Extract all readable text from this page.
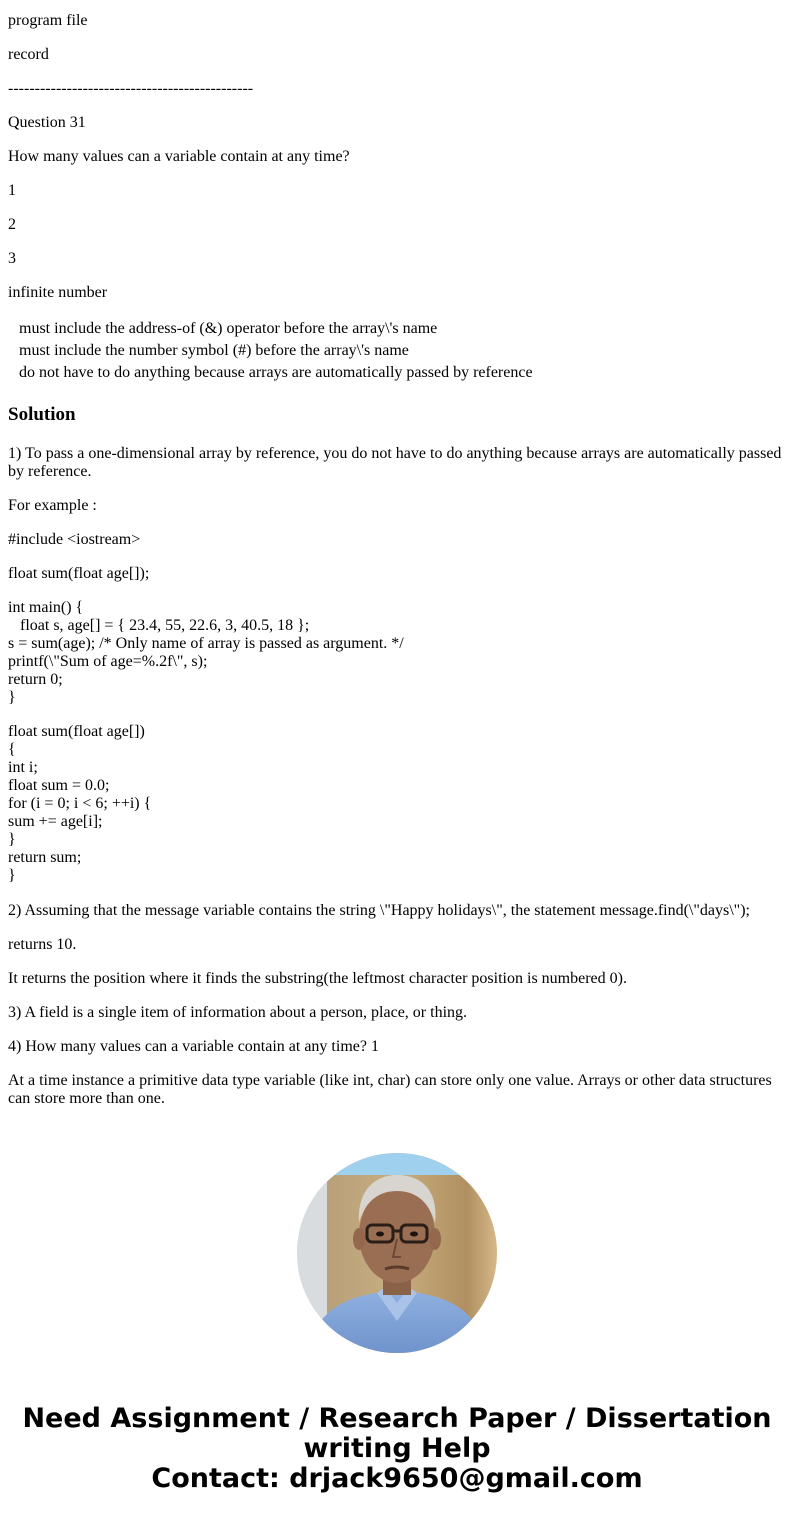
program file

record

----------------------------------------------

Question 31

How many values can a variable contain at any time?

1

2

3

infinite number

must include the address-of (&) operator before the array\'s name
must include the number symbol (#) before the array\'s name
do not have to do anything because arrays are automatically passed by reference
Solution

1) To pass a one-dimensional array by reference, you do not have to do anything because arrays are automatically passed by reference.

For example :

#include <iostream>
float sum(float age[]);
int main() {
float s, age[] = { 23.4, 55, 22.6, 3, 40.5, 18 };
s = sum(age); /* Only name of array is passed as argument. */
printf(\"Sum of age=%.2f\", s);
return 0;
}
float sum(float age[])
{
int i;
float sum = 0.0;
for (i = 0; i < 6; ++i) {
sum += age[i];
}
return sum;
}

2) Assuming that the message variable contains the string \"Happy holidays\", the statement message.find(\"days\");

returns 10.

It returns the position where it finds the substring(the leftmost character position is numbered 0).

3) A field is a single item of information about a person, place, or thing.

4) How many values can a variable contain at any time? 1

At a time instance a primitive data type variable (like int, char) can store only one value. Arrays or other data structures can store more than one.

Need Assignment / Research Paper / Dissertation
writing Help
Contact: drjack9650@gmail.com
